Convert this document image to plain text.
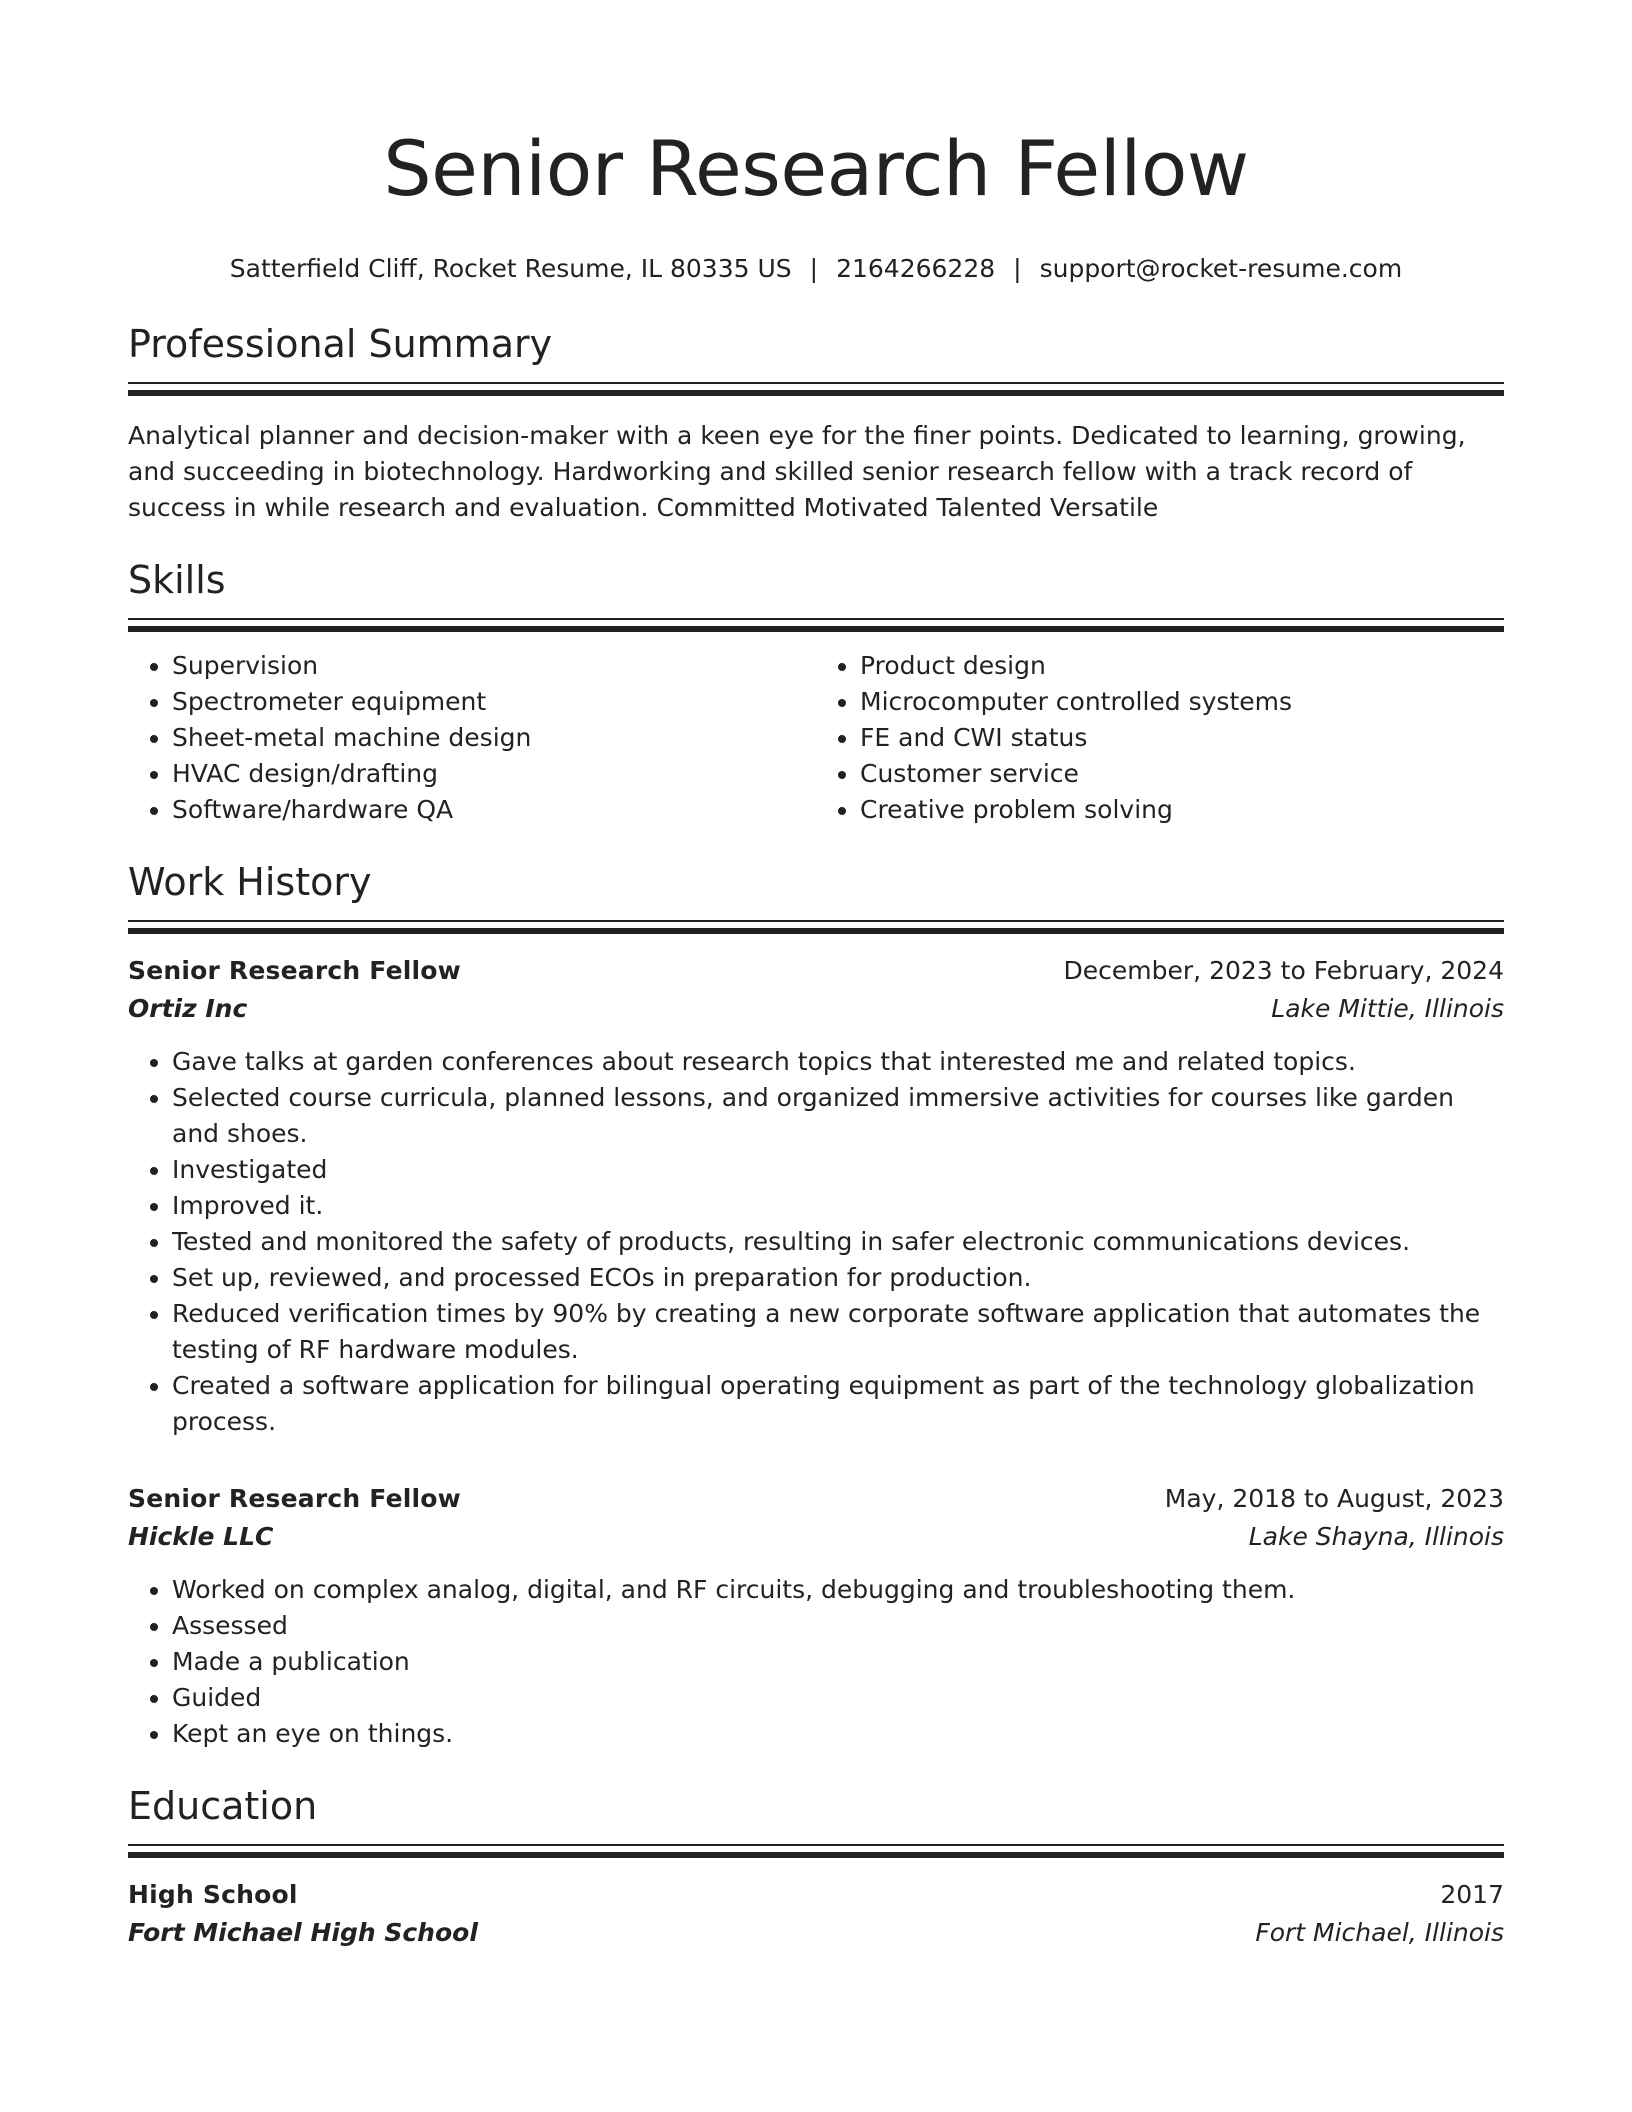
Senior Research Fellow
Satterfield Cliff, Rocket Resume, IL 80335 US | 2164266228 | support@rocket-resume.com
Professional Summary

Analytical planner and decision-maker with a keen eye for the finer points. Dedicated to learning, growing, and succeeding in biotechnology. Hardworking and skilled senior research fellow with a track record of success in while research and evaluation. Committed Motivated Talented Versatile

Skills
• Supervision
• Spectrometer equipment
• Sheet-metal machine design
• HVAC design/drafting
• Software/hardware QA
• Product design
• Microcomputer controlled systems
• FE and CWI status
• Customer service
• Creative problem solving
Work History
Senior Research Fellow	December, 2023 to February, 2024
Ortiz Inc	Lake Mittie, Illinois
• Gave talks at garden conferences about research topics that interested me and related topics.
• Selected course curricula, planned lessons, and organized immersive activities for courses like garden and shoes.
• Investigated
• Improved it.
• Tested and monitored the safety of products, resulting in safer electronic communications devices.
• Set up, reviewed, and processed ECOs in preparation for production.
• Reduced verification times by 90% by creating a new corporate software application that automates the testing of RF hardware modules.
• Created a software application for bilingual operating equipment as part of the technology globalization process.
Senior Research Fellow	May, 2018 to August, 2023
Hickle LLC	Lake Shayna, Illinois
• Worked on complex analog, digital, and RF circuits, debugging and troubleshooting them.
• Assessed
• Made a publication
• Guided
• Kept an eye on things.
Education
High School	2017
Fort Michael High School	Fort Michael, Illinois
